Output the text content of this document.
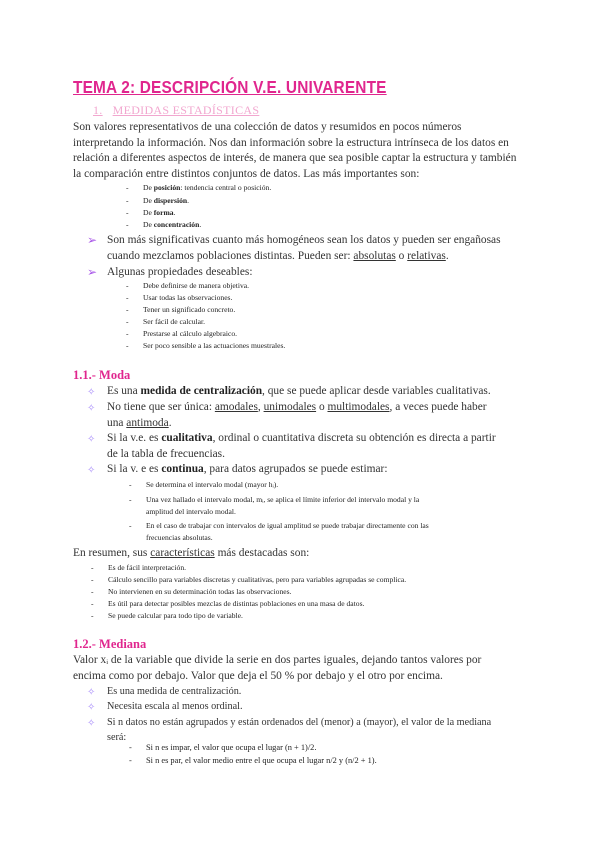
TEMA 2: DESCRIPCIÓN V.E. UNIVARENTE
1. MEDIDAS ESTADÍSTICAS
Son valores representativos de una colección de datos y resumidos en pocos números interpretando la información. Nos dan información sobre la estructura intrínseca de los datos en relación a diferentes aspectos de interés, de manera que sea posible captar la estructura y también la comparación entre distintos conjuntos de datos. Las más importantes son:
- De posición: tendencia central o posición.
- De dispersión.
- De forma.
- De concentración.
➢ Son más significativas cuanto más homogéneos sean los datos y pueden ser engañosas
cuando mezclamos poblaciones distintas. Pueden ser: absolutas o relativas.
➢ Algunas propiedades deseables:
- Debe definirse de manera objetiva.
- Usar todas las observaciones.
- Tener un significado concreto.
- Ser fácil de calcular.
- Prestarse al cálculo algebraico.
- Ser poco sensible a las actuaciones muestrales.
1.1.- Moda
✧ Es una medida de centralización, que se puede aplicar desde variables cualitativas.
✧ No tiene que ser única: amodales, unimodales o multimodales, a veces puede haber
una antimoda.
✧ Si la v.e. es cualitativa, ordinal o cuantitativa discreta su obtención es directa a partir
de la tabla de frecuencias.
✧ Si la v. e es continua, para datos agrupados se puede estimar:
- Se determina el intervalo modal (mayor hᵢ).
- Una vez hallado el intervalo modal, mᵢ, se aplica el límite inferior del intervalo modal y la
amplitud del intervalo modal.
- En el caso de trabajar con intervalos de igual amplitud se puede trabajar directamente con las
frecuencias absolutas.
En resumen, sus características más destacadas son:
- Es de fácil interpretación.
- Cálculo sencillo para variables discretas y cualitativas, pero para variables agrupadas se complica.
- No intervienen en su determinación todas las observaciones.
- Es útil para detectar posibles mezclas de distintas poblaciones en una masa de datos.
- Se puede calcular para todo tipo de variable.
1.2.- Mediana
Valor xᵢ de la variable que divide la serie en dos partes iguales, dejando tantos valores por
encima como por debajo. Valor que deja el 50 % por debajo y el otro por encima.
✧ Es una medida de centralización.
✧ Necesita escala al menos ordinal.
✧ Si n datos no están agrupados y están ordenados del (menor) a (mayor), el valor de la mediana
será:
- Si n es impar, el valor que ocupa el lugar (n + 1)/2.
- Si n es par, el valor medio entre el que ocupa el lugar n/2 y (n/2 + 1).
